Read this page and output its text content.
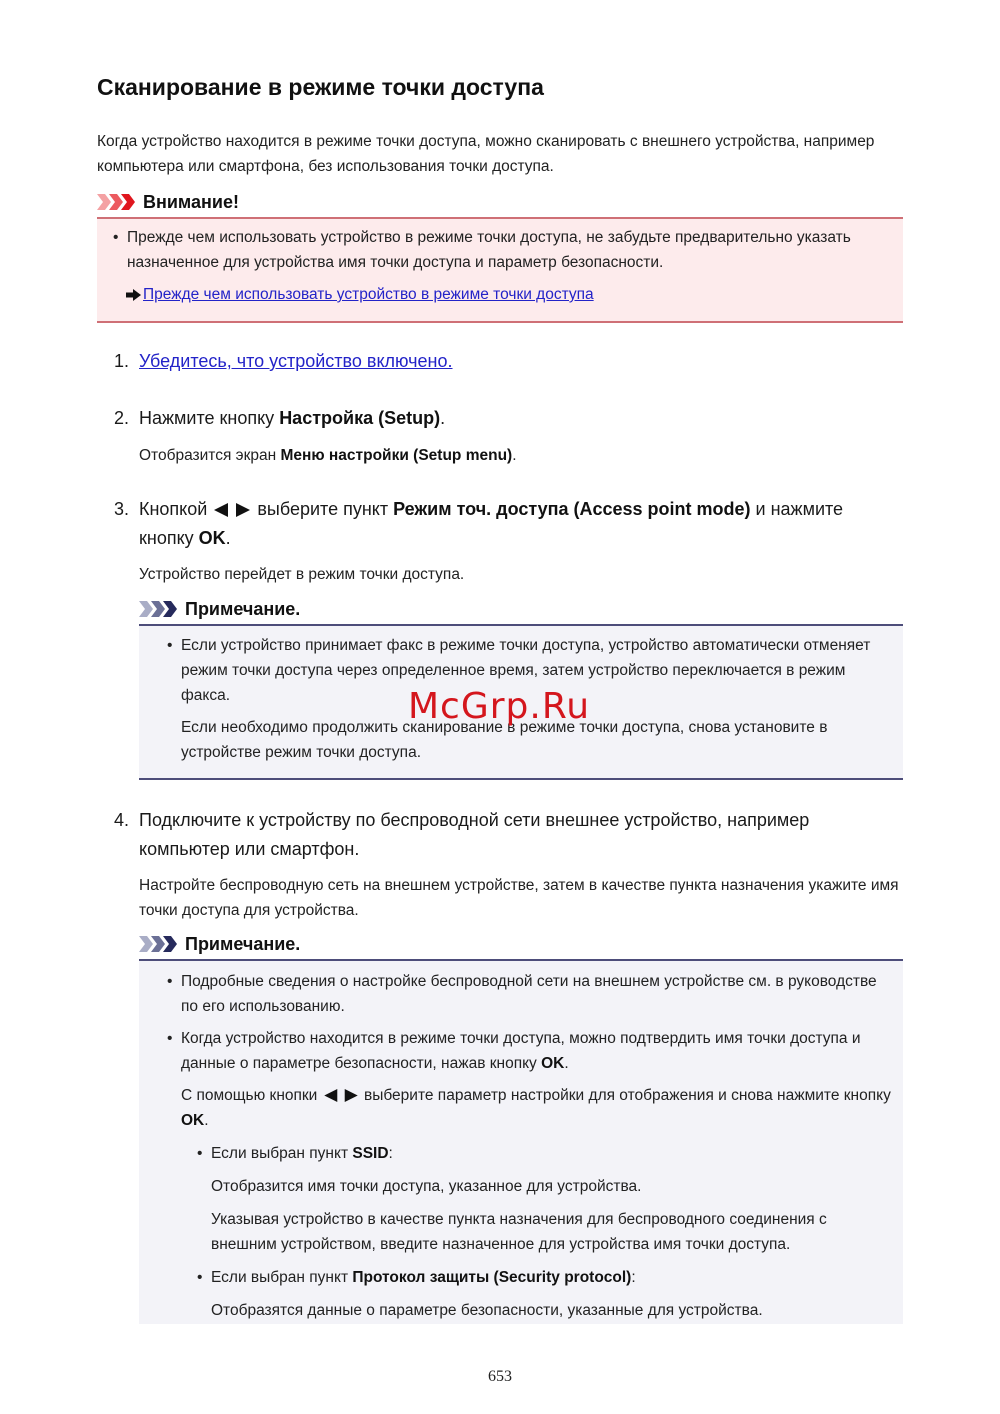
Сканирование в режиме точки доступа

Когда устройство находится в режиме точки доступа, можно сканировать с внешнего устройства, например компьютера или смартфона, без использования точки доступа.

Внимание!
• Прежде чем использовать устройство в режиме точки доступа, не забудьте предварительно указать назначенное для устройства имя точки доступа и параметр безопасности.
Прежде чем использовать устройство в режиме точки доступа
1. Убедитесь, что устройство включено.
2. Нажмите кнопку Настройка (Setup).
Отобразится экран Меню настройки (Setup menu).
3. Кнопкой	выберите пункт Режим точ. доступа (Access point mode) и нажмите кнопку OK.
Устройство перейдет в режим точки доступа.
Примечание.
• Если устройство принимает факс в режиме точки доступа, устройство автоматически отменяет режим точки доступа через определенное время, затем устройство переключается в режим факса.
Если необходимо продолжить сканирование в режиме точки доступа, снова установите в устройстве режим точки доступа.
4. Подключите к устройству по беспроводной сети внешнее устройство, например компьютер или смартфон.
Настройте беспроводную сеть на внешнем устройстве, затем в качестве пункта назначения укажите имя точки доступа для устройства.
Примечание.
• Подробные сведения о настройке беспроводной сети на внешнем устройстве см. в руководстве по его использованию.
• Когда устройство находится в режиме точки доступа, можно подтвердить имя точки доступа и данные о параметре безопасности, нажав кнопку OK.
С помощью кнопки	выберите параметр настройки для отображения и снова нажмите кнопку OK.
• Если выбран пункт SSID:
Отобразится имя точки доступа, указанное для устройства.
Указывая устройство в качестве пункта назначения для беспроводного соединения с внешним устройством, введите назначенное для устройства имя точки доступа.
• Если выбран пункт Протокол защиты (Security protocol):
Отобразятся данные о параметре безопасности, указанные для устройства.
McGrp.Ru
653
